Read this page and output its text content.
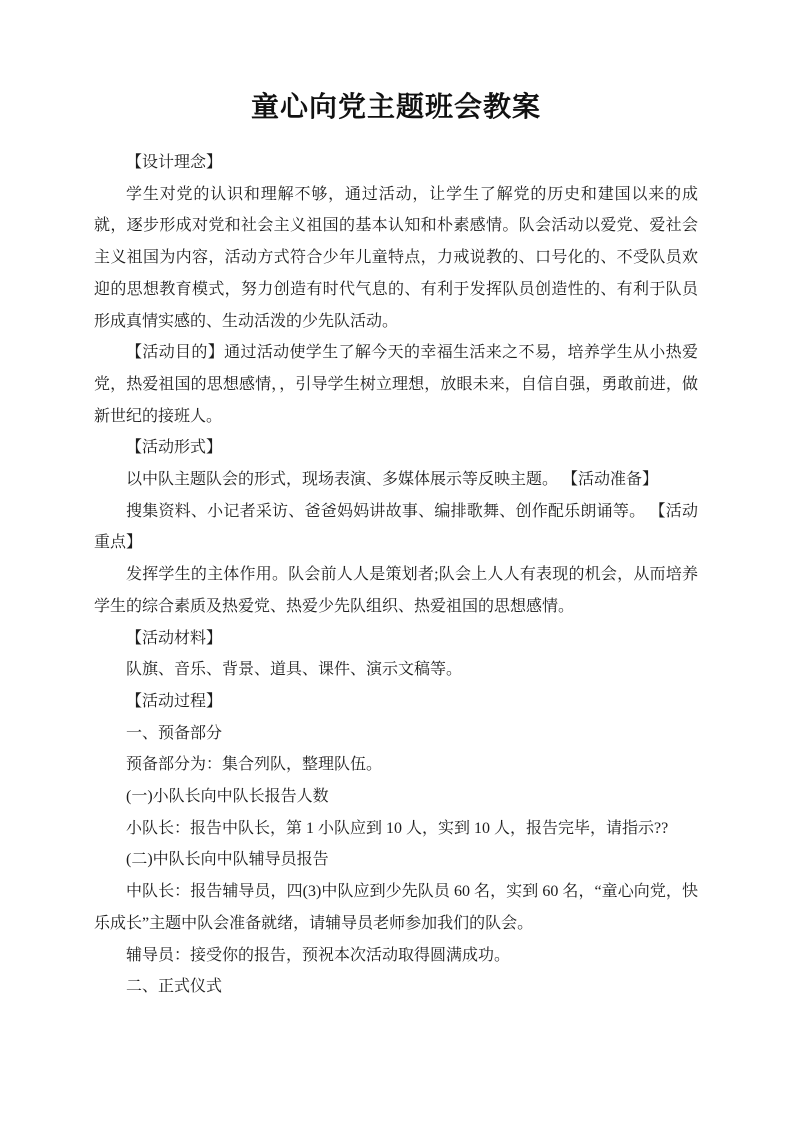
童心向党主题班会教案

【设计理念】

学生对党的认识和理解不够，通过活动，让学生了解党的历史和建国以来的成就，逐步形成对党和社会主义祖国的基本认知和朴素感情。队会活动以爱党、爱社会主义祖国为内容，活动方式符合少年儿童特点，力戒说教的、口号化的、不受队员欢迎的思想教育模式，努力创造有时代气息的、有利于发挥队员创造性的、有利于队员形成真情实感的、生动活泼的少先队活动。

【活动目的】通过活动使学生了解今天的幸福生活来之不易，培养学生从小热爱党，热爱祖国的思想感情，，引导学生树立理想，放眼未来，自信自强，勇敢前进，做新世纪的接班人。

【活动形式】

以中队主题队会的形式，现场表演、多媒体展示等反映主题。 【活动准备】

搜集资料、小记者采访、爸爸妈妈讲故事、编排歌舞、创作配乐朗诵等。 【活动重点】

发挥学生的主体作用。队会前人人是策划者;队会上人人有表现的机会，从而培养学生的综合素质及热爱党、热爱少先队组织、热爱祖国的思想感情。

【活动材料】

队旗、音乐、背景、道具、课件、演示文稿等。

【活动过程】

一、预备部分

预备部分为：集合列队，整理队伍。

(一)小队长向中队长报告人数

小队长：报告中队长，第 1 小队应到 10 人，实到 10 人，报告完毕，请指示??

(二)中队长向中队辅导员报告

中队长：报告辅导员，四(3)中队应到少先队员 60 名，实到 60 名，“童心向党，快乐成长”主题中队会准备就绪，请辅导员老师参加我们的队会。

辅导员：接受你的报告，预祝本次活动取得圆满成功。

二、正式仪式
